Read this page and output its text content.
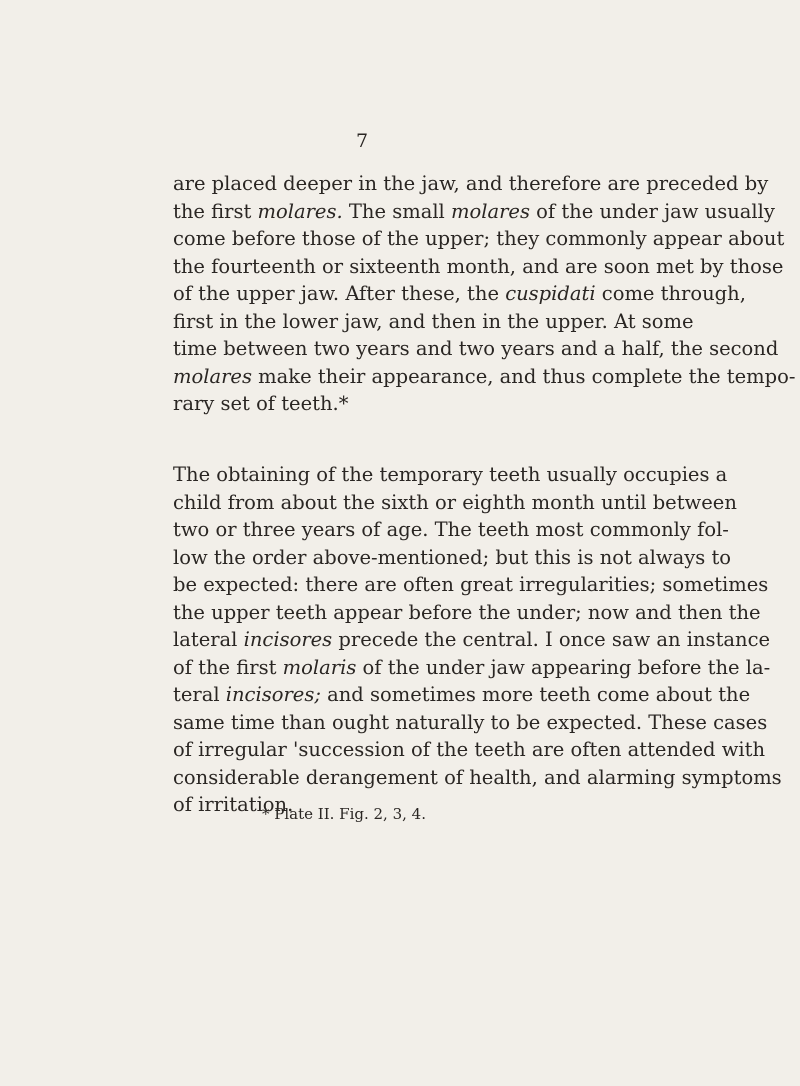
7
are placed deeper in the jaw, and therefore are preceded by
the first molares. The small molares of the under jaw usually
come before those of the upper; they commonly appear about
the fourteenth or sixteenth month, and are soon met by those
of the upper jaw. After these, the cuspidati come through,
first in the lower jaw, and then in the upper. At some
time between two years and two years and a half, the second
molares make their appearance, and thus complete the tempo-
rary set of teeth.*
The obtaining of the temporary teeth usually occupies a
child from about the sixth or eighth month until between
two or three years of age. The teeth most commonly fol-
low the order above-mentioned; but this is not always to
be expected: there are often great irregularities; sometimes
the upper teeth appear before the under; now and then the
lateral incisores precede the central. I once saw an instance
of the first molaris of the under jaw appearing before the la-
teral incisores; and sometimes more teeth come about the
same time than ought naturally to be expected. These cases
of irregular 'succession of the teeth are often attended with
considerable derangement of health, and alarming symptoms
of irritation.
* Plate II. Fig. 2, 3, 4.
